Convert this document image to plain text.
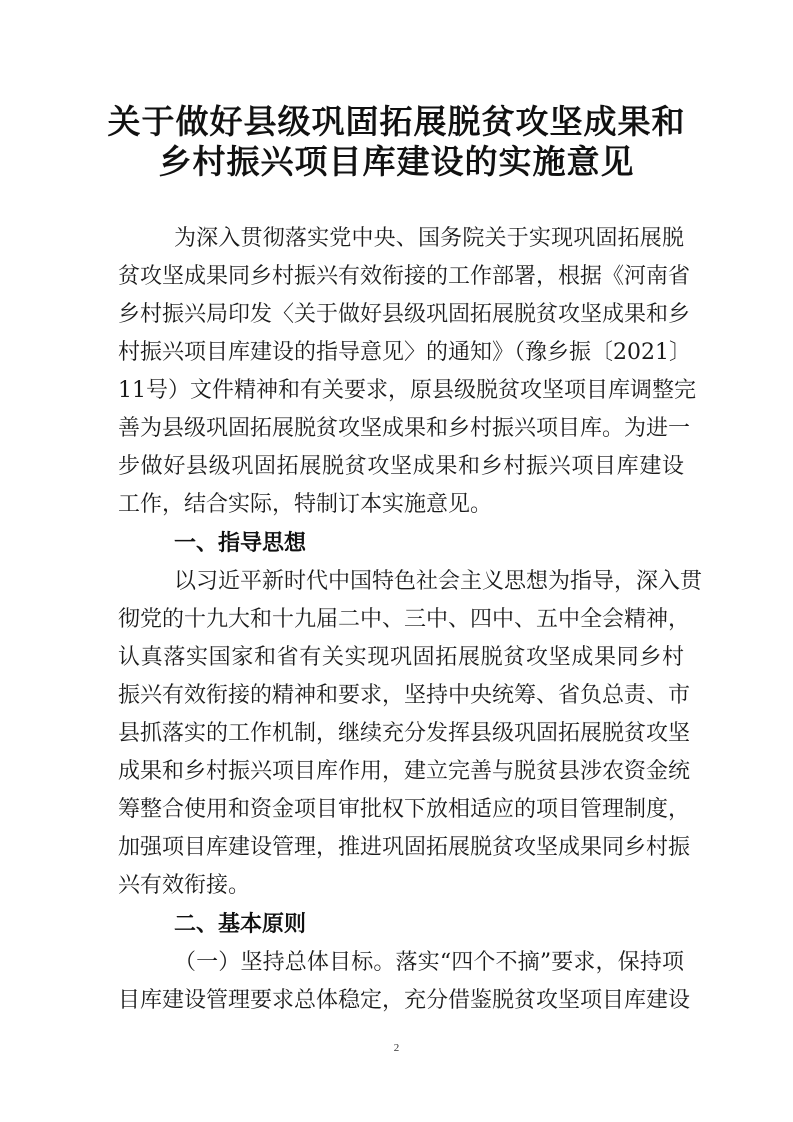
关于做好县级巩固拓展脱贫攻坚成果和
乡村振兴项目库建设的实施意见
为深入贯彻落实党中央、国务院关于实现巩固拓展脱
贫攻坚成果同乡村振兴有效衔接的工作部署，根据《河南省
乡村振兴局印发〈关于做好县级巩固拓展脱贫攻坚成果和乡
村振兴项目库建设的指导意见〉的通知》（豫乡振〔2021〕
11号）文件精神和有关要求，原县级脱贫攻坚项目库调整完
善为县级巩固拓展脱贫攻坚成果和乡村振兴项目库。为进一
步做好县级巩固拓展脱贫攻坚成果和乡村振兴项目库建设
工作，结合实际，特制订本实施意见。
一、指导思想
以习近平新时代中国特色社会主义思想为指导，深入贯
彻党的十九大和十九届二中、三中、四中、五中全会精神，
认真落实国家和省有关实现巩固拓展脱贫攻坚成果同乡村
振兴有效衔接的精神和要求，坚持中央统筹、省负总责、市
县抓落实的工作机制，继续充分发挥县级巩固拓展脱贫攻坚
成果和乡村振兴项目库作用，建立完善与脱贫县涉农资金统
筹整合使用和资金项目审批权下放相适应的项目管理制度，
加强项目库建设管理，推进巩固拓展脱贫攻坚成果同乡村振
兴有效衔接。
二、基本原则
（一）坚持总体目标。落实“四个不摘”要求，保持项
目库建设管理要求总体稳定，充分借鉴脱贫攻坚项目库建设
2
